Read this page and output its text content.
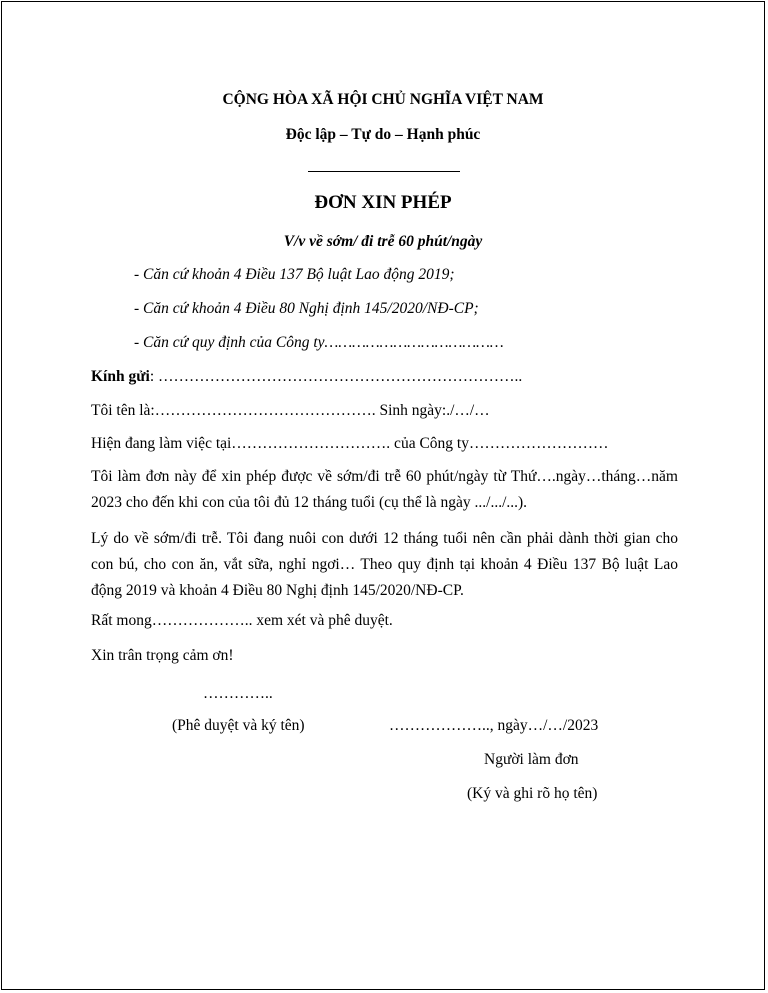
CỘNG HÒA XÃ HỘI CHỦ NGHĨA VIỆT NAM
Độc lập – Tự do – Hạnh phúc
ĐƠN XIN PHÉP
V/v về sớm/ đi trễ 60 phút/ngày
- Căn cứ khoản 4 Điều 137 Bộ luật Lao động 2019;
- Căn cứ khoản 4 Điều 80 Nghị định 145/2020/NĐ-CP;
- Căn cứ quy định của Công ty…………………………………
Kính gửi: ……………………………………………………………..
Tôi tên là:……………………………………. Sinh ngày:./…/…
Hiện đang làm việc tại…………………………. của Công ty………………………
Tôi làm đơn này để xin phép được về sớm/đi trễ 60 phút/ngày từ Thứ….ngày…tháng…năm 2023 cho đến khi con của tôi đủ 12 tháng tuổi (cụ thể là ngày .../.../...).
Lý do về sớm/đi trễ. Tôi đang nuôi con dưới 12 tháng tuổi nên cần phải dành thời gian cho con bú, cho con ăn, vắt sữa, nghỉ ngơi… Theo quy định tại khoản 4 Điều 137 Bộ luật Lao động 2019 và khoản 4 Điều 80 Nghị định 145/2020/NĐ-CP.
Rất mong……………….. xem xét và phê duyệt.
Xin trân trọng cảm ơn!
…………..
(Phê duyệt và ký tên)	……………….., ngày…/…/2023
Người làm đơn
(Ký và ghi rõ họ tên)
